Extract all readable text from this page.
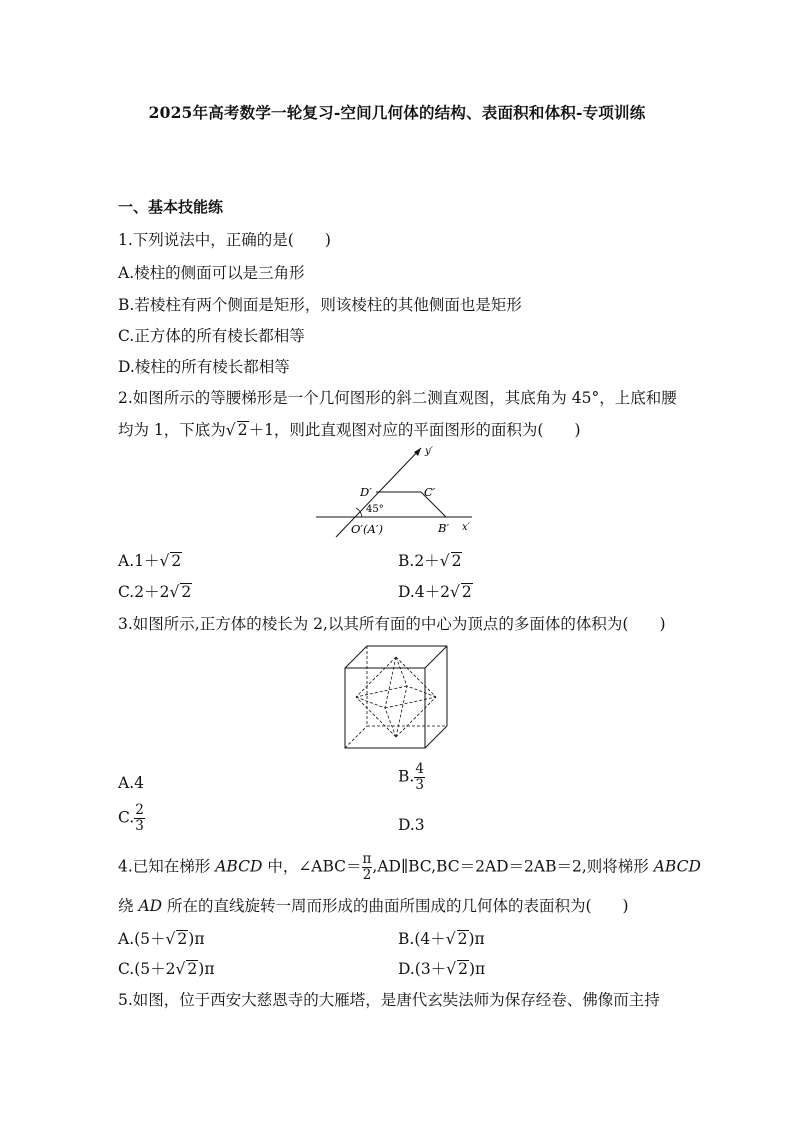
2025年高考数学一轮复习-空间几何体的结构、表面积和体积-专项训练
一、基本技能练
1.下列说法中，正确的是(　　)
A.棱柱的侧面可以是三角形
B.若棱柱有两个侧面是矩形，则该棱柱的其他侧面也是矩形
C.正方体的所有棱长都相等
D.棱柱的所有棱长都相等
2.如图所示的等腰梯形是一个几何图形的斜二测直观图，其底角为 45°，上底和腰
均为 1，下底为√ 2＋1，则此直观图对应的平面图形的面积为(　　)
y′
x′
D′	C′
O′(A′)	B′
45°
A.1＋√ 2	B.2＋√ 2
C.2＋2√ 2	D.4＋2√ 2
3.如图所示,正方体的棱长为 2,以其所有面的中心为顶点的多面体的体积为(　　)
A.4	B. $\frac{4}{3}$
C. $\frac{2}{3}$	D.3
4.已知在梯形 ABCD 中，∠ABC＝ $\frac{\pi}{2}$ ,AD∥BC,BC＝2AD＝2AB＝2,则将梯形 ABCD
绕 AD 所在的直线旋转一周而形成的曲面所围成的几何体的表面积为(　　)
A.(5＋√ 2)π	B.(4＋√ 2)π
C.(5＋2√ 2)π	D.(3＋√ 2)π
5.如图，位于西安大慈恩寺的大雁塔，是唐代玄奘法师为保存经卷、佛像而主持
